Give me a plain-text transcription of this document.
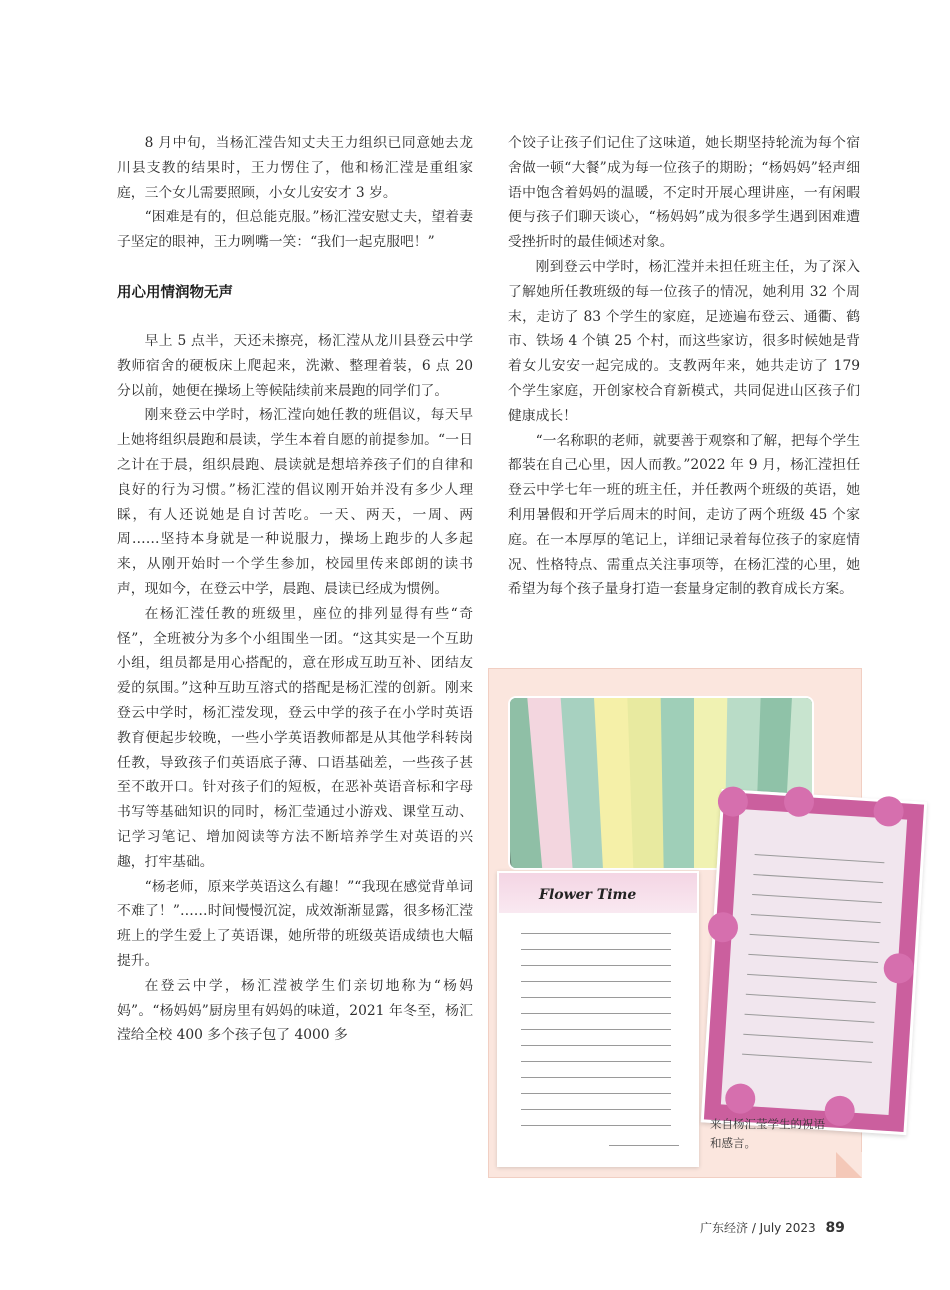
8 月中旬，当杨汇滢告知丈夫王力组织已同意她去龙川县支教的结果时，王力愣住了，他和杨汇滢是重组家庭，三个女儿需要照顾，小女儿安安才 3 岁。

“困难是有的，但总能克服。”杨汇滢安慰丈夫，望着妻子坚定的眼神，王力咧嘴一笑：“我们一起克服吧！”

用心用情润物无声

早上 5 点半，天还未擦亮，杨汇滢从龙川县登云中学教师宿舍的硬板床上爬起来，洗漱、整理着装，6 点 20 分以前，她便在操场上等候陆续前来晨跑的同学们了。

刚来登云中学时，杨汇滢向她任教的班倡议，每天早上她将组织晨跑和晨读，学生本着自愿的前提参加。“一日之计在于晨，组织晨跑、晨读就是想培养孩子们的自律和良好的行为习惯。”杨汇滢的倡议刚开始并没有多少人理睬，有人还说她是自讨苦吃。一天、两天，一周、两周……坚持本身就是一种说服力，操场上跑步的人多起来，从刚开始时一个学生参加，校园里传来郎朗的读书声，现如今，在登云中学，晨跑、晨读已经成为惯例。

在杨汇滢任教的班级里，座位的排列显得有些“奇怪”，全班被分为多个小组围坐一团。“这其实是一个互助小组，组员都是用心搭配的，意在形成互助互补、团结友爱的氛围。”这种互助互溶式的搭配是杨汇滢的创新。刚来登云中学时，杨汇滢发现，登云中学的孩子在小学时英语教育便起步较晚，一些小学英语教师都是从其他学科转岗任教，导致孩子们英语底子薄、口语基础差，一些孩子甚至不敢开口。针对孩子们的短板，在恶补英语音标和字母书写等基础知识的同时，杨汇莹通过小游戏、课堂互动、记学习笔记、增加阅读等方法不断培养学生对英语的兴趣，打牢基础。

“杨老师，原来学英语这么有趣！”“我现在感觉背单词不难了！”……时间慢慢沉淀，成效渐渐显露，很多杨汇滢班上的学生爱上了英语课，她所带的班级英语成绩也大幅提升。

在登云中学，杨汇滢被学生们亲切地称为“杨妈妈”。“杨妈妈”厨房里有妈妈的味道，2021 年冬至，杨汇滢给全校 400 多个孩子包了 4000 多

个饺子让孩子们记住了这味道，她长期坚持轮流为每个宿舍做一顿“大餐”成为每一位孩子的期盼；“杨妈妈”轻声细语中饱含着妈妈的温暖，不定时开展心理讲座，一有闲暇便与孩子们聊天谈心，“杨妈妈”成为很多学生遇到困难遭受挫折时的最佳倾述对象。

刚到登云中学时，杨汇滢并未担任班主任，为了深入了解她所任教班级的每一位孩子的情况，她利用 32 个周末，走访了 83 个学生的家庭，足迹遍布登云、通衢、鹤市、铁场 4 个镇 25 个村，而这些家访，很多时候她是背着女儿安安一起完成的。支教两年来，她共走访了 179 个学生家庭，开创家校合育新模式，共同促进山区孩子们健康成长！

“一名称职的老师，就要善于观察和了解，把每个学生都装在自己心里，因人而教。”2022 年 9 月，杨汇滢担任登云中学七年一班的班主任，并任教两个班级的英语，她利用暑假和开学后周末的时间，走访了两个班级 45 个家庭。在一本厚厚的笔记上，详细记录着每位孩子的家庭情况、性格特点、需重点关注事项等，在杨汇滢的心里，她希望为每个孩子量身打造一套量身定制的教育成长方案。

Flower Time
来自杨汇莹学生的祝语和感言。
广东经济 / July 2023 89
